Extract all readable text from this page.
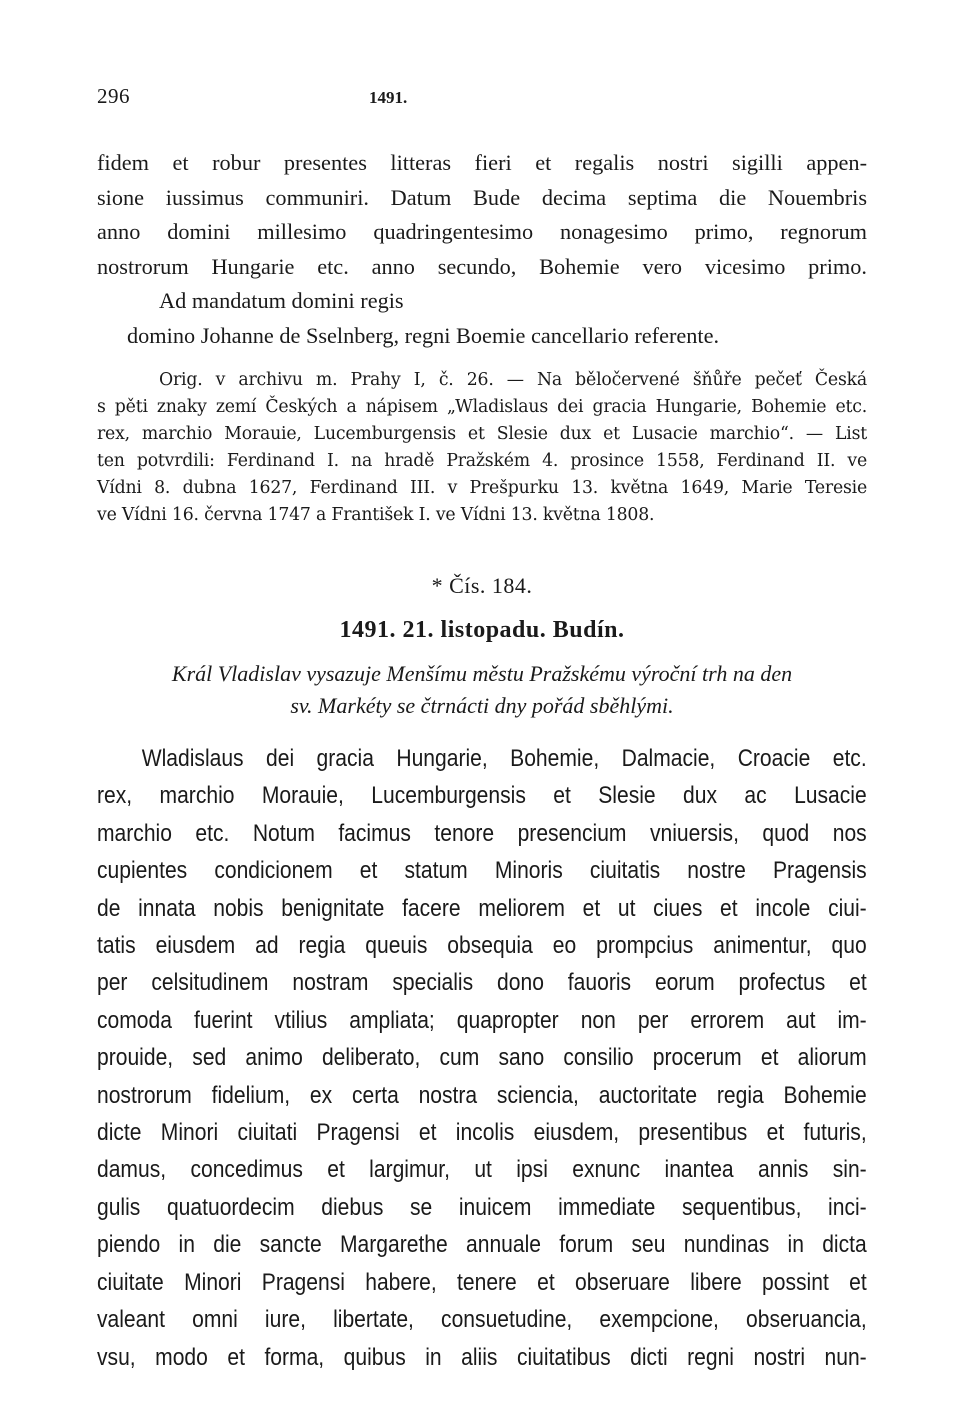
296	1491.
fidem et robur presentes litteras fieri et regalis nostri sigilli appen-
sione iussimus communiri. Datum Bude decima septima die Nouembris
anno domini millesimo quadringentesimo nonagesimo primo, regnorum
nostrorum Hungarie etc. anno secundo, Bohemie vero vicesimo primo.
Ad mandatum domini regis
domino Johanne de Sselnberg, regni Boemie cancellario referente.
Orig. v archivu m. Prahy I, č. 26. — Na běločervené šňůře pečeť Česká
s pěti znaky zemí Českých a nápisem „Wladislaus dei gracia Hungarie, Bohemie etc.
rex, marchio Morauie, Lucemburgensis et Slesie dux et Lusacie marchio“. — List
ten potvrdili: Ferdinand I. na hradě Pražském 4. prosince 1558, Ferdinand II. ve
Vídni 8. dubna 1627, Ferdinand III. v Prešpurku 13. května 1649, Marie Teresie
ve Vídni 16. června 1747 a František I. ve Vídni 13. května 1808.
* Čís. 184.
1491. 21. listopadu. Budín.
Král Vladislav vysazuje Menšímu městu Pražskému výroční trh na den
sv. Markéty se čtrnácti dny pořád sběhlými.
Wladislaus dei gracia Hungarie, Bohemie, Dalmacie, Croacie etc.
rex, marchio Morauie, Lucemburgensis et Slesie dux ac Lusacie
marchio etc. Notum facimus tenore presencium vniuersis, quod nos
cupientes condicionem et statum Minoris ciuitatis nostre Pragensis
de innata nobis benignitate facere meliorem et ut ciues et incole ciui-
tatis eiusdem ad regia queuis obsequia eo prompcius animentur, quo
per celsitudinem nostram specialis dono fauoris eorum profectus et
comoda fuerint vtilius ampliata; quapropter non per errorem aut im-
prouide, sed animo deliberato, cum sano consilio procerum et aliorum
nostrorum fidelium, ex certa nostra sciencia, auctoritate regia Bohemie
dicte Minori ciuitati Pragensi et incolis eiusdem, presentibus et futuris,
damus, concedimus et largimur, ut ipsi exnunc inantea annis sin-
gulis quatuordecim diebus se inuicem immediate sequentibus, inci-
piendo in die sancte Margarethe annuale forum seu nundinas in dicta
ciuitate Minori Pragensi habere, tenere et obseruare libere possint et
valeant omni iure, libertate, consuetudine, exempcione, obseruancia,
vsu, modo et forma, quibus in aliis ciuitatibus dicti regni nostri nun-
